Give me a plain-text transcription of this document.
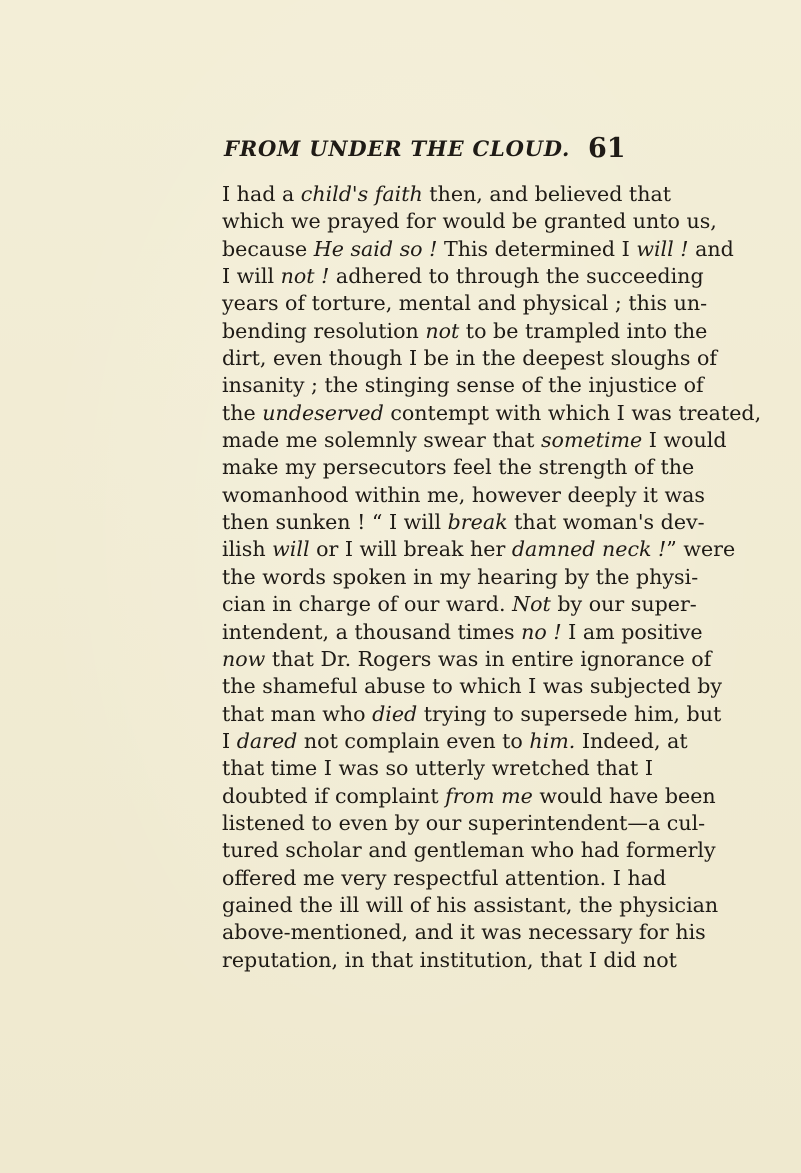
FROM UNDER THE CLOUD. 61
I had a child's faith then, and believed that
which we prayed for would be granted unto us,
because He said so ! This determined I will ! and
I will not ! adhered to through the succeeding
years of torture, mental and physical ; this un-
bending resolution not to be trampled into the
dirt, even though I be in the deepest sloughs of
insanity ; the stinging sense of the injustice of
the undeserved contempt with which I was treated,
made me solemnly swear that sometime I would
make my persecutors feel the strength of the
womanhood within me, however deeply it was
then sunken ! “ I will break that woman's dev-
ilish will or I will break her damned neck !” were
the words spoken in my hearing by the physi-
cian in charge of our ward. Not by our super-
intendent, a thousand times no ! I am positive
now that Dr. Rogers was in entire ignorance of
the shameful abuse to which I was subjected by
that man who died trying to supersede him, but
I dared not complain even to him. Indeed, at
that time I was so utterly wretched that I
doubted if complaint from me would have been
listened to even by our superintendent—a cul-
tured scholar and gentleman who had formerly
offered me very respectful attention. I had
gained the ill will of his assistant, the physician
above-mentioned, and it was necessary for his
reputation, in that institution, that I did not
